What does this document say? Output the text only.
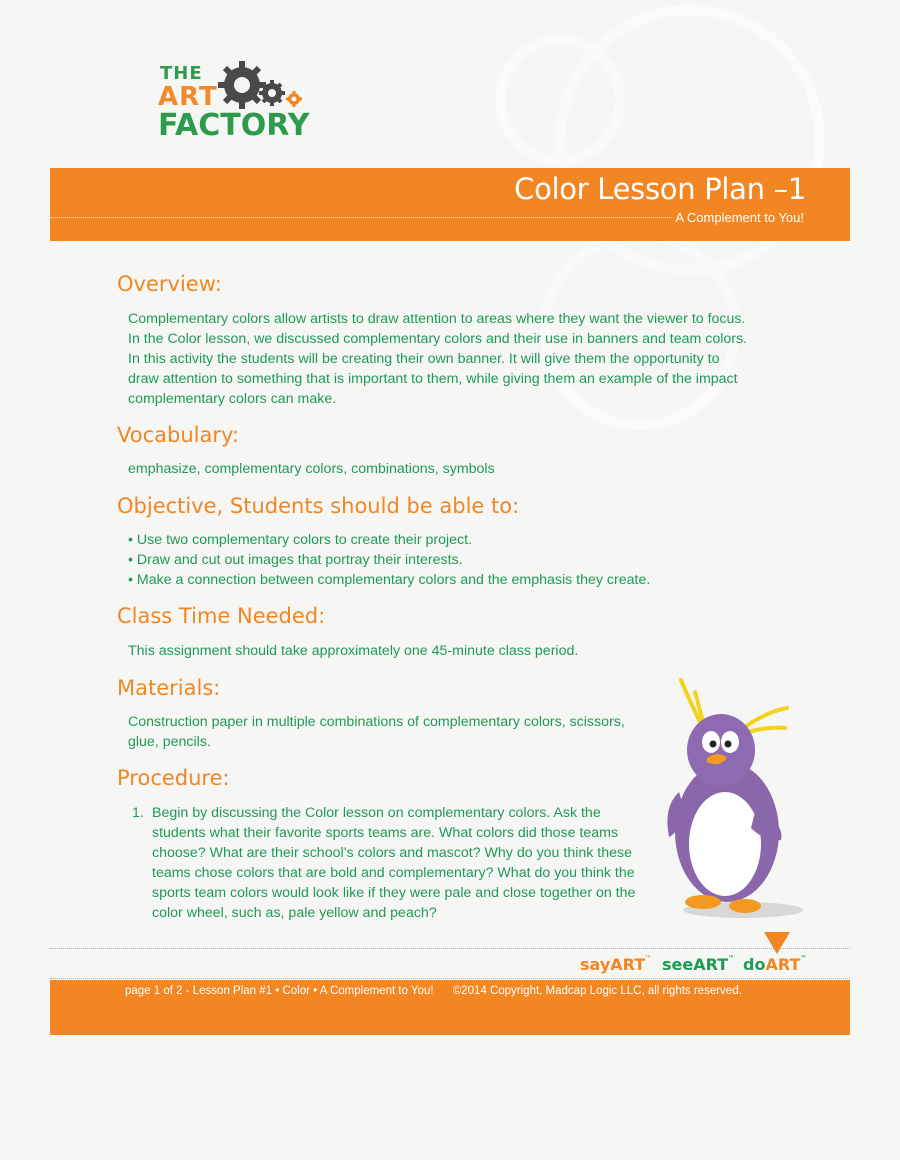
THE
ART
FACTORY
Color Lesson Plan –1
A Complement to You!
Overview:
Complementary colors allow artists to draw attention to areas where they want the viewer to focus.
In the Color lesson, we discussed complementary colors and their use in banners and team colors.
In this activity the students will be creating their own banner. It will give them the opportunity to
draw attention to something that is important to them, while giving them an example of the impact
complementary colors can make.
Vocabulary:
emphasize, complementary colors, combinations, symbols
Objective, Students should be able to:
• Use two complementary colors to create their project.
• Draw and cut out images that portray their interests.
• Make a connection between complementary colors and the emphasis they create.
Class Time Needed:
This assignment should take approximately one 45-minute class period.
Materials:
Construction paper in multiple combinations of complementary colors, scissors,
glue, pencils.
Procedure:
1. Begin by discussing the Color lesson on complementary colors. Ask the
students what their favorite sports teams are. What colors did those teams
choose? What are their school’s colors and mascot? Why do you think these
teams chose colors that are bold and complementary? What do you think the
sports team colors would look like if they were pale and close together on the
color wheel, such as, pale yellow and peach?
sayART™ seeART™ doART™
page 1 of 2 - Lesson Plan #1 • Color • A Complement to You!      ©2014 Copyright, Madcap Logic LLC, all rights reserved.
